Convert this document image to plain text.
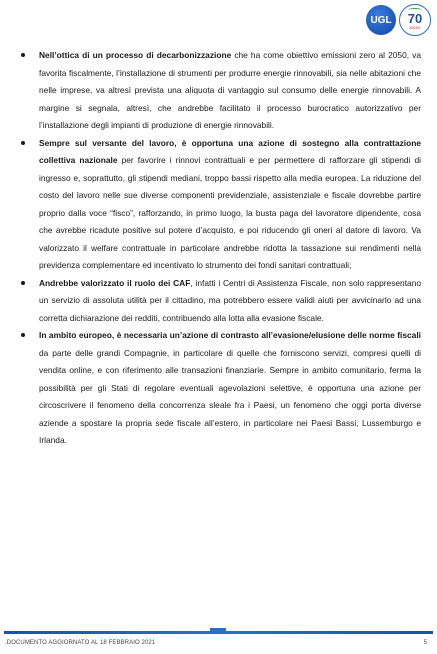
UGL	70
ANNI
Nell’ottica di un processo di decarbonizzazione che ha come obiettivo emissioni zero al 2050, va favorita fiscalmente, l’installazione di strumenti per produrre energie rinnovabili, sia nelle abitazioni che nelle imprese, va altresì prevista una aliquota di vantaggio sul consumo delle energie rinnovabili. A margine si segnala, altresì, che andrebbe facilitato il processo burocratico autorizzativo per l’installazione degli impianti di produzione di energie rinnovabili.
Sempre sul versante del lavoro, è opportuna una azione di sostegno alla contrattazione collettiva nazionale per favorire i rinnovi contrattuali e per permettere di rafforzare gli stipendi di ingresso e, soprattutto, gli stipendi mediani, troppo bassi rispetto alla media europea. La riduzione del costo del lavoro nelle sue diverse componenti previdenziale, assistenziale e fiscale dovrebbe partire proprio dalla voce “fisco”, rafforzando, in primo luogo, la busta paga del lavoratore dipendente, cosa che avrebbe ricadute positive sul potere d’acquisto, e poi riducendo gli oneri al datore di lavoro. Va valorizzato il welfare contrattuale in particolare andrebbe ridotta la tassazione sui rendimenti nella previdenza complementare ed incentivato lo strumento dei fondi sanitari contrattuali;
Andrebbe valorizzato il ruolo dei CAF, infatti i Centri di Assistenza Fiscale, non solo rappresentano un servizio di assoluta utilità per il cittadino, ma potrebbero essere validi aiuti per avvicinarlo ad una corretta dichiarazione dei redditi, contribuendo alla lotta alla evasione fiscale.
In ambito europeo, è necessaria un’azione di contrasto all’evasione/elusione delle norme fiscali da parte delle grandi Compagnie, in particolare di quelle che forniscono servizi, compresi quelli di vendita online, e con riferimento alle transazioni finanziarie. Sempre in ambito comunitario, ferma la possibilità per gli Stati di regolare eventuali agevolazioni selettive, è opportuna una azione per circoscrivere il fenomeno della concorrenza sleale fra i Paesi, un fenomeno che oggi porta diverse aziende a spostare la propria sede fiscale all’estero, in particolare nei Paesi Bassi, Lussemburgo e Irlanda.
.DOCUMENTO AGGIORNATO AL 18 FEBBRAIO 2021	5
